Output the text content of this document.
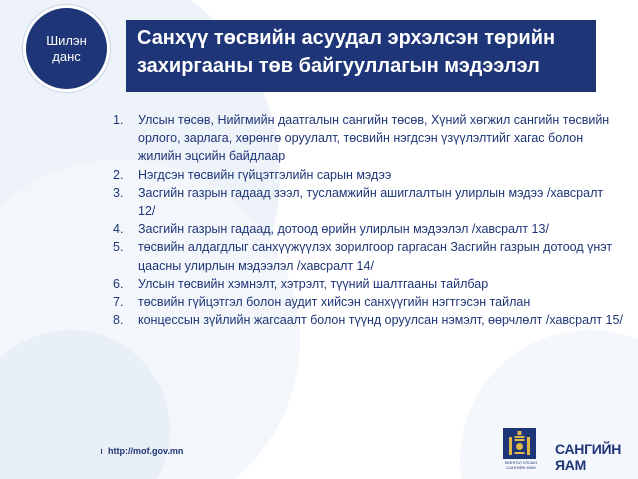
Шилэн
данс
Санхүү төсвийн асуудал эрхэлсэн төрийн захиргааны төв байгууллагын мэдээлэл
1. Улсын төсөв, Нийгмийн даатгалын сангийн төсөв, Хүний хөгжил сангийн төсвийн орлого, зарлага, хөрөнгө оруулалт, төсвийн нэгдсэн үзүүлэлтийг хагас болон жилийн эцсийн байдлаар
2. Нэгдсэн төсвийн гүйцэтгэлийн сарын мэдээ
3. Засгийн газрын гадаад зээл, тусламжийн ашиглалтын улирлын мэдээ /хавсралт 12/
4. Засгийн газрын гадаад, дотоод өрийн улирлын мэдээлэл /хавсралт 13/
5. төсвийн алдагдлыг санхүүжүүлэх зорилгоор гаргасан Засгийн газрын дотоод үнэт цаасны улирлын мэдээлэл /хавсралт 14/
6. Улсын төсвийн хэмнэлт, хэтрэлт, түүний шалтгааны тайлбар
7. төсвийн гүйцэтгэл болон аудит хийсэн санхүүгийн нэгтгэсэн тайлан
8. концессын зүйлийн жагсаалт болон түүнд оруулсан нэмэлт, өөрчлөлт /хавсралт 15/
http://mof.gov.mn
МОНГОЛ УЛСЫН САНГИЙН ЯАМ
САНГИЙН ЯАМ
